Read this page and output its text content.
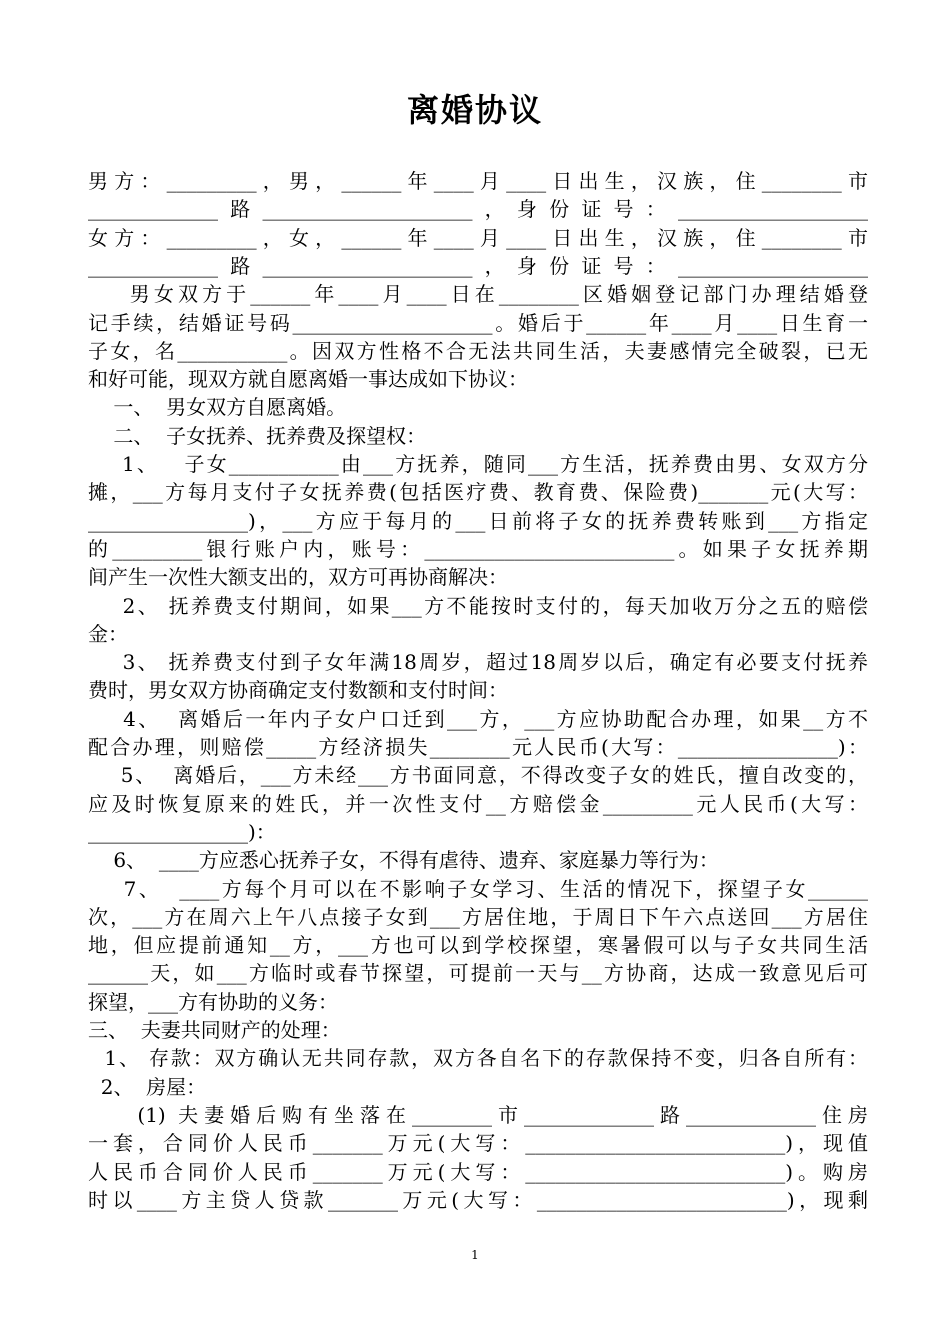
离婚协议
男方：_________，男，______年____月____日出生，汉族，住________市
_____________路_____________________，身份证号：___________________
女方：_________，女，______年____月____日出生，汉族，住________市
_____________路_____________________，身份证号：___________________
男女双方于______年____月____日在________区婚姻登记部门办理结婚登
记手续，结婚证号码____________________。婚后于______年____月____日生育一
子女，名___________。因双方性格不合无法共同生活，夫妻感情完全破裂，已无
和好可能，现双方就自愿离婚一事达成如下协议：
一、  男女双方自愿离婚。
二、  子女抚养、抚养费及探望权：
1、   子女___________由___方抚养，随同___方生活，抚养费由男、女双方分
摊，___方每月支付子女抚养费(包括医疗费、教育费、保险费)_______元(大写：
________________)，___方应于每月的___日前将子女的抚养费转账到___方指定
的_________银行账户内，账号：_________________________。如果子女抚养期
间产生一次性大额支出的，双方可再协商解决：
2、 抚养费支付期间，如果___方不能按时支付的，每天加收万分之五的赔偿
金：
3、 抚养费支付到子女年满18周岁，超过18周岁以后，确定有必要支付抚养
费时，男女双方协商确定支付数额和支付时间：
4、  离婚后一年内子女户口迁到___方，___方应协助配合办理，如果__方不
配合办理，则赔偿_____方经济损失________元人民币(大写：________________)：
5、  离婚后，___方未经___方书面同意，不得改变子女的姓氏，擅自改变的，
应及时恢复原来的姓氏，并一次性支付__方赔偿金_________元人民币(大写：
________________)：
6、  ____方应悉心抚养子女，不得有虐待、遗弃、家庭暴力等行为：
7、  ____方每个月可以在不影响子女学习、生活的情况下，探望子女______
次，___方在周六上午八点接子女到___方居住地，于周日下午六点送回___方居住
地，但应提前通知__方，___方也可以到学校探望，寒暑假可以与子女共同生活
______天，如___方临时或春节探望，可提前一天与__方协商，达成一致意见后可
探望，___方有协助的义务：
三、  夫妻共同财产的处理：
1、 存款：双方确认无共同存款，双方各自名下的存款保持不变，归各自所有：
2、  房屋：
(1) 夫妻婚后购有坐落在________市_____________路_____________住房
一套，合同价人民币_______万元(大写：__________________________)，现值
人民币合同价人民币_______万元(大写：__________________________)。购房
时以____方主贷人贷款_______万元(大写：_________________________)，现剩
1
